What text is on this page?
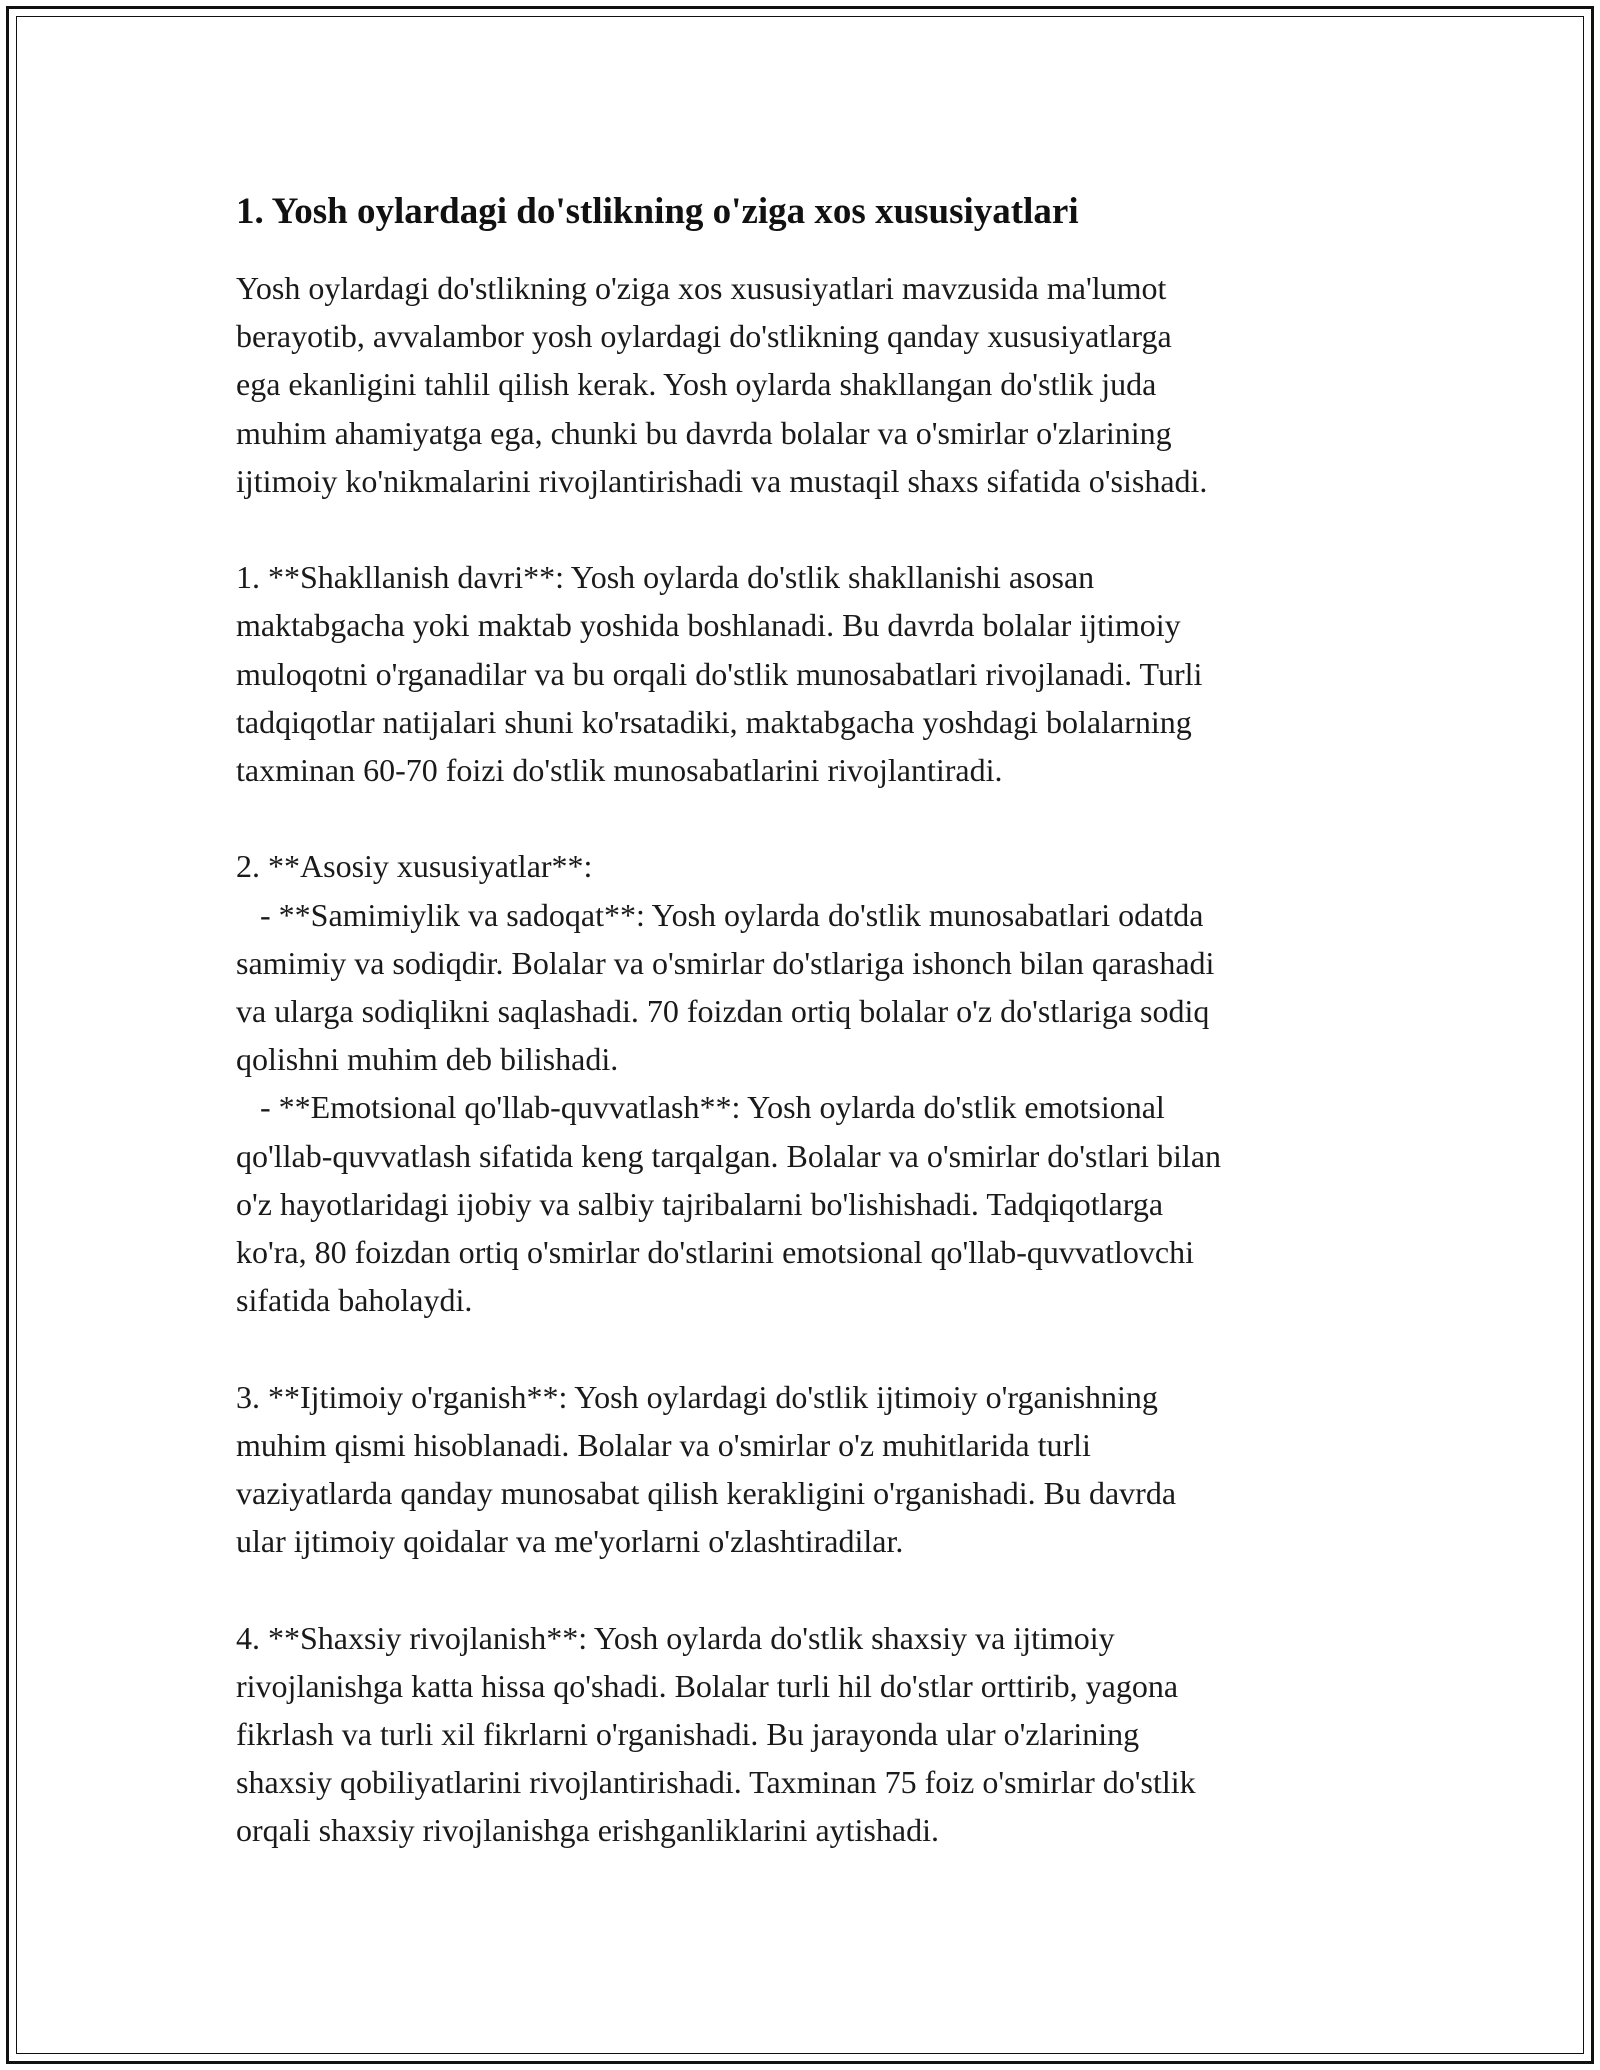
1. Yosh oylardagi do'stlikning o'ziga xos xususiyatlari
Yosh oylardagi do'stlikning o'ziga xos xususiyatlari mavzusida ma'lumot
berayotib, avvalambor yosh oylardagi do'stlikning qanday xususiyatlarga
ega ekanligini tahlil qilish kerak. Yosh oylarda shakllangan do'stlik juda
muhim ahamiyatga ega, chunki bu davrda bolalar va o'smirlar o'zlarining
ijtimoiy ko'nikmalarini rivojlantirishadi va mustaqil shaxs sifatida o'sishadi.
1. **Shakllanish davri**: Yosh oylarda do'stlik shakllanishi asosan
maktabgacha yoki maktab yoshida boshlanadi. Bu davrda bolalar ijtimoiy
muloqotni o'rganadilar va bu orqali do'stlik munosabatlari rivojlanadi. Turli
tadqiqotlar natijalari shuni ko'rsatadiki, maktabgacha yoshdagi bolalarning
taxminan 60-70 foizi do'stlik munosabatlarini rivojlantiradi.
2. **Asosiy xususiyatlar**:
- **Samimiylik va sadoqat**: Yosh oylarda do'stlik munosabatlari odatda
samimiy va sodiqdir. Bolalar va o'smirlar do'stlariga ishonch bilan qarashadi
va ularga sodiqlikni saqlashadi. 70 foizdan ortiq bolalar o'z do'stlariga sodiq
qolishni muhim deb bilishadi.
- **Emotsional qo'llab-quvvatlash**: Yosh oylarda do'stlik emotsional
qo'llab-quvvatlash sifatida keng tarqalgan. Bolalar va o'smirlar do'stlari bilan
o'z hayotlaridagi ijobiy va salbiy tajribalarni bo'lishishadi. Tadqiqotlarga
ko'ra, 80 foizdan ortiq o'smirlar do'stlarini emotsional qo'llab-quvvatlovchi
sifatida baholaydi.
3. **Ijtimoiy o'rganish**: Yosh oylardagi do'stlik ijtimoiy o'rganishning
muhim qismi hisoblanadi. Bolalar va o'smirlar o'z muhitlarida turli
vaziyatlarda qanday munosabat qilish kerakligini o'rganishadi. Bu davrda
ular ijtimoiy qoidalar va me'yorlarni o'zlashtiradilar.
4. **Shaxsiy rivojlanish**: Yosh oylarda do'stlik shaxsiy va ijtimoiy
rivojlanishga katta hissa qo'shadi. Bolalar turli hil do'stlar orttirib, yagona
fikrlash va turli xil fikrlarni o'rganishadi. Bu jarayonda ular o'zlarining
shaxsiy qobiliyatlarini rivojlantirishadi. Taxminan 75 foiz o'smirlar do'stlik
orqali shaxsiy rivojlanishga erishganliklarini aytishadi.
